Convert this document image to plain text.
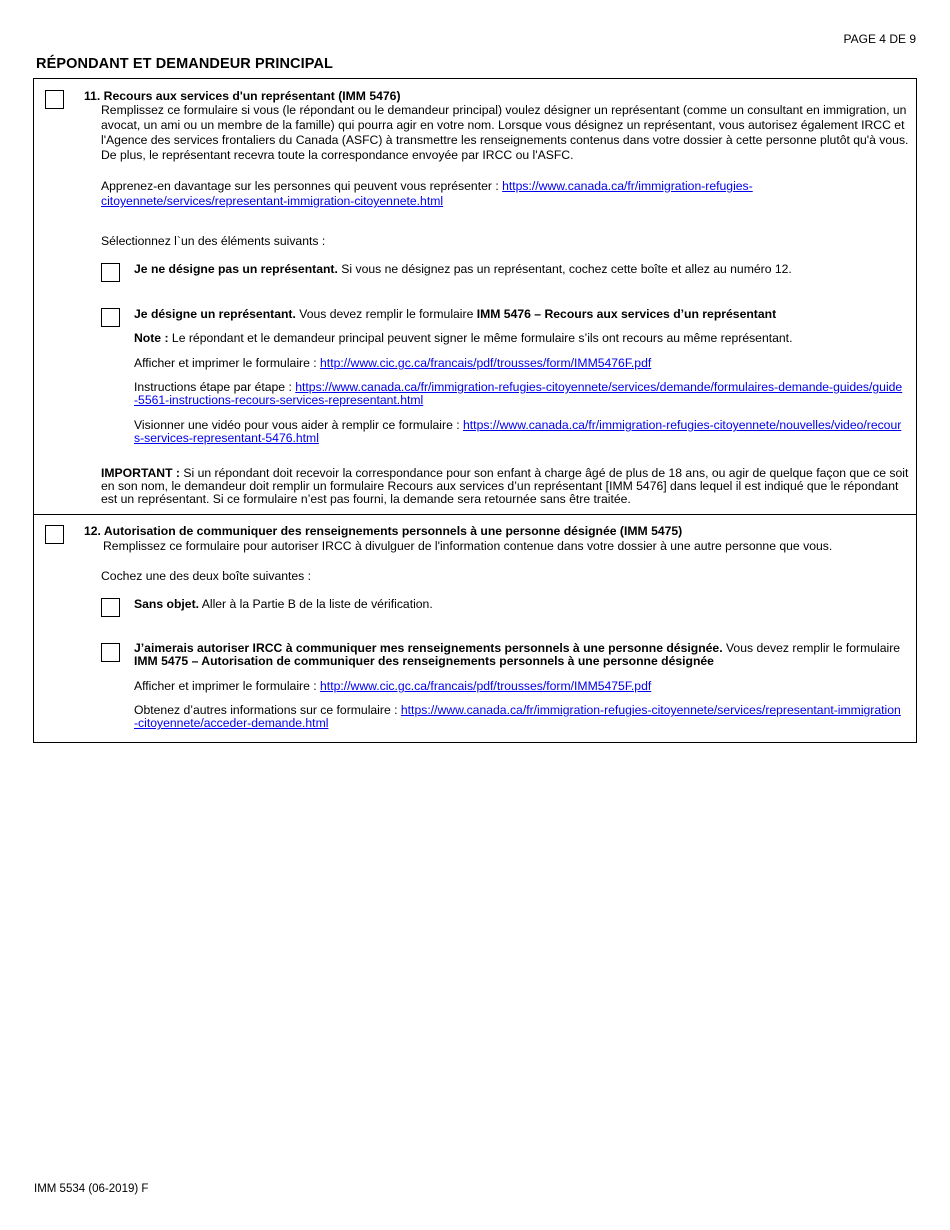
PAGE 4 DE 9
RÉPONDANT ET DEMANDEUR PRINCIPAL
11. Recours aux services d'un représentant (IMM 5476)
Remplissez ce formulaire si vous (le répondant ou le demandeur principal) voulez désigner un représentant (comme un consultant en immigration, un avocat, un ami ou un membre de la famille) qui pourra agir en votre nom. Lorsque vous désignez un représentant, vous autorisez également IRCC et l'Agence des services frontaliers du Canada (ASFC) à transmettre les renseignements contenus dans votre dossier à cette personne plutôt qu'à vous. De plus, le représentant recevra toute la correspondance envoyée par IRCC ou l'ASFC.
Apprenez-en davantage sur les personnes qui peuvent vous représenter : https://www.canada.ca/fr/immigration-refugies-citoyennete/services/representant-immigration-citoyennete.html
Sélectionnez l`un des éléments suivants :
Je ne désigne pas un représentant. Si vous ne désignez pas un représentant, cochez cette boîte et allez au numéro 12.
Je désigne un représentant. Vous devez remplir le formulaire IMM 5476 – Recours aux services d’un représentant
Note : Le répondant et le demandeur principal peuvent signer le même formulaire s’ils ont recours au même représentant.
Afficher et imprimer le formulaire : http://www.cic.gc.ca/francais/pdf/trousses/form/IMM5476F.pdf
Instructions étape par étape : https://www.canada.ca/fr/immigration-refugies-citoyennete/services/demande/formulaires-demande-guides/guide-5561-instructions-recours-services-representant.html
Visionner une vidéo pour vous aider à remplir ce formulaire : https://www.canada.ca/fr/immigration-refugies-citoyennete/nouvelles/video/recours-services-representant-5476.html
IMPORTANT : Si un répondant doit recevoir la correspondance pour son enfant à charge âgé de plus de 18 ans, ou agir de quelque façon que ce soit en son nom, le demandeur doit remplir un formulaire Recours aux services d’un représentant [IMM 5476] dans lequel il est indiqué que le répondant est un représentant. Si ce formulaire n’est pas fourni, la demande sera retournée sans être traitée.
12. Autorisation de communiquer des renseignements personnels à une personne désignée (IMM 5475)
Remplissez ce formulaire pour autoriser IRCC à divulguer de l'information contenue dans votre dossier à une autre personne que vous.
Cochez une des deux boîte suivantes :
Sans objet. Aller à la Partie B de la liste de vérification.
J’aimerais autoriser IRCC à communiquer mes renseignements personnels à une personne désignée. Vous devez remplir le formulaire IMM 5475 – Autorisation de communiquer des renseignements personnels à une personne désignée
Afficher et imprimer le formulaire : http://www.cic.gc.ca/francais/pdf/trousses/form/IMM5475F.pdf
Obtenez d’autres informations sur ce formulaire : https://www.canada.ca/fr/immigration-refugies-citoyennete/services/representant-immigration-citoyennete/acceder-demande.html
IMM 5534 (06-2019) F
